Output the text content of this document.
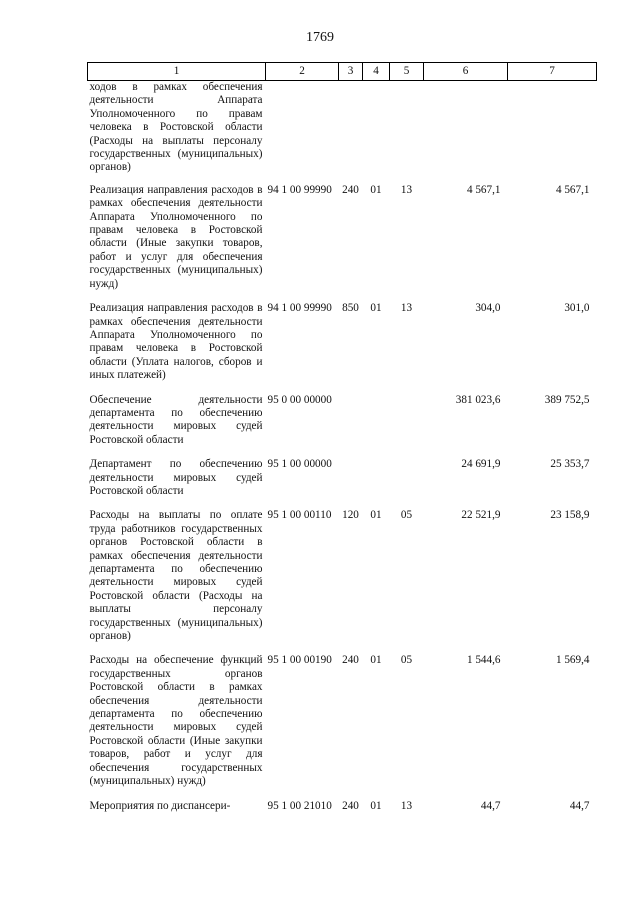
1769
1	2	3	4	5	6	7
ходов в рамках обеспечения деятельности Аппарата Уполномоченного по правам человека в Ростовской области (Расходы на выплаты персоналу государственных (муниципальных) органов)						
Реализация направления расходов в рамках обеспечения деятельности Аппарата Уполномоченного по правам человека в Ростовской области (Иные закупки товаров, работ и услуг для обеспечения государственных (муниципальных) нужд)	94 1 00 99990	240	01	13	4 567,1	4 567,1
Реализация направления расходов в рамках обеспечения деятельности Аппарата Уполномоченного по правам человека в Ростовской области (Уплата налогов, сборов и иных платежей)	94 1 00 99990	850	01	13	304,0	301,0
Обеспечение деятельности департамента по обеспечению деятельности мировых судей Ростовской области	95 0 00 00000				381 023,6	389 752,5
Департамент по обеспечению деятельности мировых судей Ростовской области	95 1 00 00000				24 691,9	25 353,7
Расходы на выплаты по оплате труда работников государственных органов Ростовской области в рамках обеспечения деятельности департамента по обеспечению деятельности мировых судей Ростовской области (Расходы на выплаты персоналу государственных (муниципальных) органов)	95 1 00 00110	120	01	05	22 521,9	23 158,9
Расходы на обеспечение функций государственных органов Ростовской области в рамках обеспечения деятельности департамента по обеспечению деятельности мировых судей Ростовской области (Иные закупки товаров, работ и услуг для обеспечения государственных (муниципальных) нужд)	95 1 00 00190	240	01	05	1 544,6	1 569,4
Мероприятия по диспансери-	95 1 00 21010	240	01	13	44,7	44,7
